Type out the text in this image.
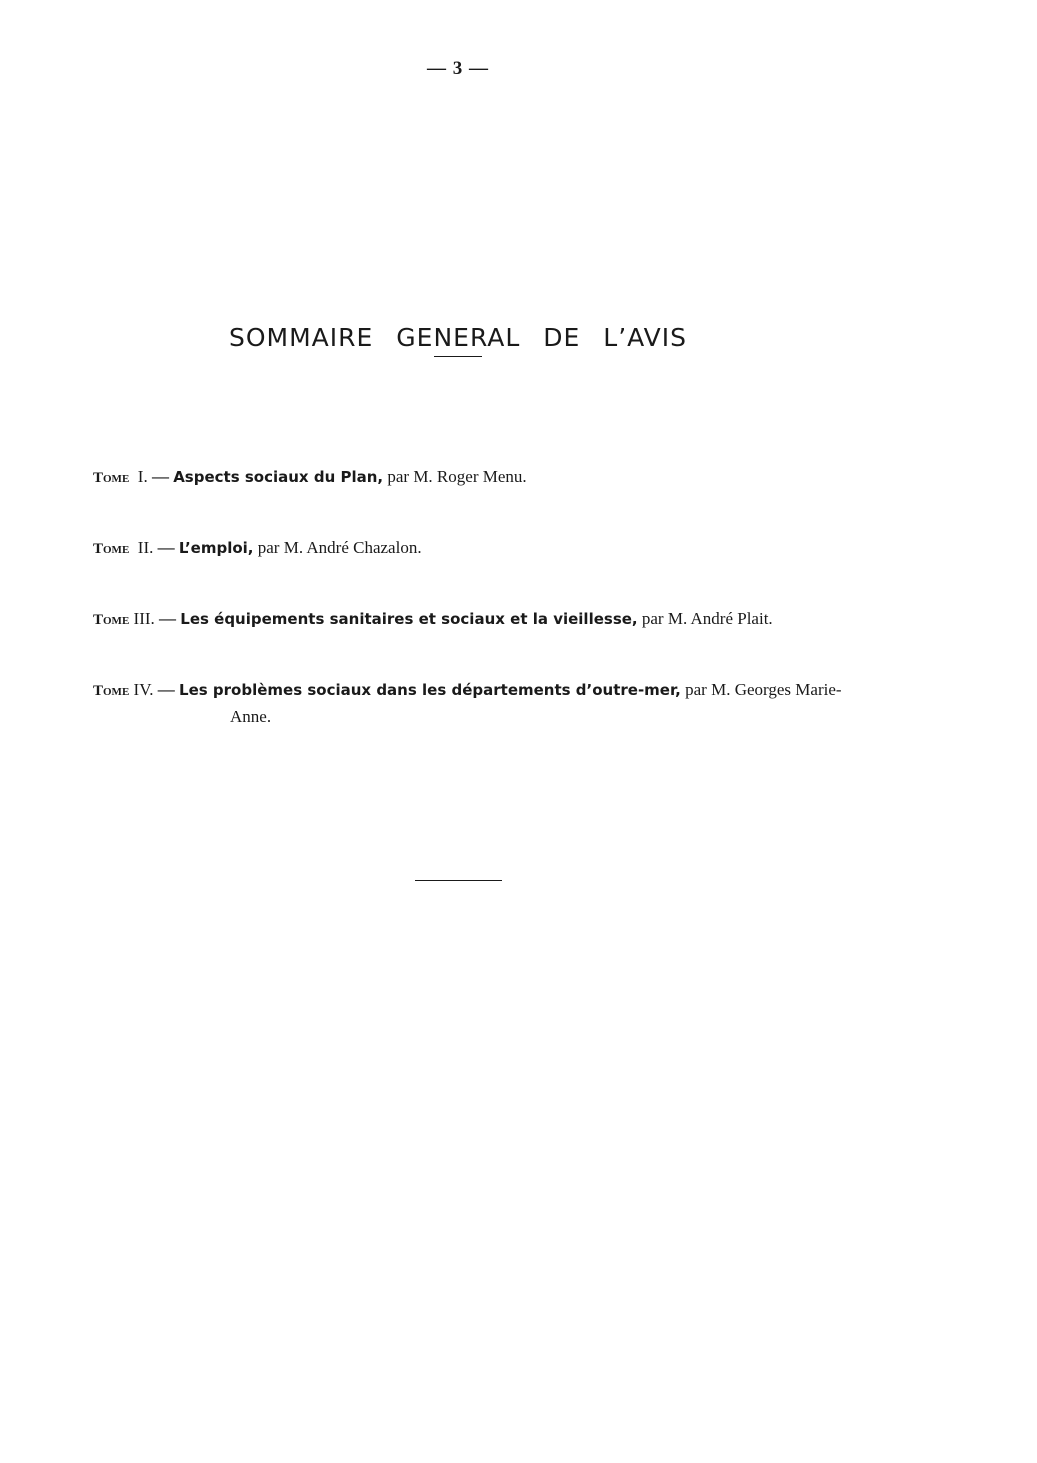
— 3 —
SOMMAIRE GENERAL DE L’AVIS
Tome I. — Aspects sociaux du Plan, par M. Roger Menu.
Tome II. — L’emploi, par M. André Chazalon.
Tome III. — Les équipements sanitaires et sociaux et la vieillesse, par M. André Plait.
Tome IV. — Les problèmes sociaux dans les départements d’outre-mer, par M. Georges Marie-Anne.
